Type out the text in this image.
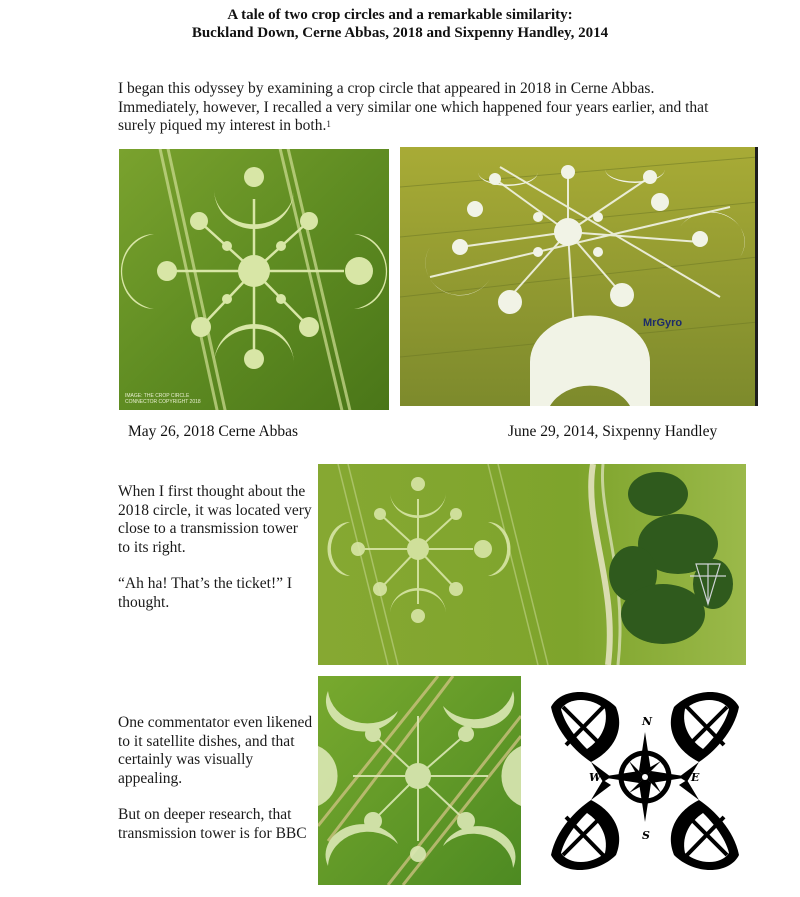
A tale of two crop circles and a remarkable similarity:
Buckland Down, Cerne Abbas, 2018 and Sixpenny Handley, 2014
I began this odyssey by examining a crop circle that appeared in 2018 in Cerne Abbas. Immediately, however, I recalled a very similar one which happened four years earlier, and that surely piqued my interest in both.$^1$
IMAGE: THE CROP CIRCLE
CONNECTOR COPYRIGHT 2018
MrGyro
May 26, 2018 Cerne Abbas	June 29, 2014, Sixpenny Handley

When I first thought about the 2018 circle, it was located very close to a transmission tower to its right.

“Ah ha! That’s the ticket!” I thought.

One commentator even likened to it satellite dishes, and that certainly was visually appealing.

But on deeper research, that transmission tower is for BBC

N
E
S
W
